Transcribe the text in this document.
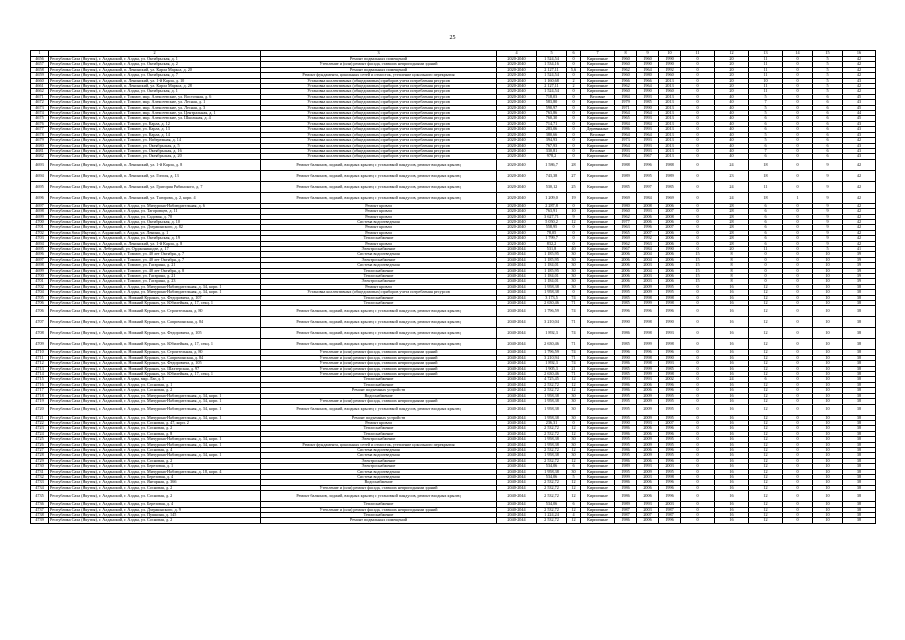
25
1	2	3	4	5	6	7	8	9	10	11	12	13	14	15	16
4656	Республика Саха (Якутия), г. Алданский, г. Алдан, ул. Октябрьская, д. 1	Ремонт подвальных помещений	2020-2040	1 524,54	0	Кирпичные	1960	1960	1990	0	20	11	0	5	42
4657	Республика Саха (Якутия), г. Алданский, г. Алдан, ул. Октябрьская, д. 2	Утепление и (или) ремонт фасада, ставших непригодными зданий	2020-2040	1 534,16	0	Кирпичные	1960	1990	1990	0	20	11	0	5	42
4658	Республика Саха (Якутия), г. Алданский, п. Ленинский, ул. Карла Маркса, д. 20	Ремонт подвальных помещений	2020-2040	2 127,11	5,6	Кирпичные	1962	1964	1992	0	20	11	0	5	42
4659	Республика Саха (Якутия), г. Алданский, г. Алдан, ул. Октябрьская, д. 7	Ремонт фундамента, цокольных сетей и отмосток, утепление цокольного перекрытия	2020-2040	1 524,54	0	Кирпичные	1960	1980	1960	0	20	11	0	5	42
4660	Республика Саха (Якутия), г. Алданский, п. Ленинский, ул. 1-й Карла, д. 10	Установка коллективных (общедомовых) приборов учета потребления ресурсов	2020-2040	1 160,68	2	Кирпичные	1966	1966	2013	0	20	10	0	5	43
4661	Республика Саха (Якутия), г. Алданский, п. Ленинский, ул. Карла Маркса, д. 28	Установка коллективных (общедомовых) приборов учета потребления ресурсов	2020-2040	2 127,11	2	Кирпичные	1962	1964	2013	0	20	11	0	5	42
4662	Республика Саха (Якутия), г. Алданский, г. Алдан, ул. Октябрьская, д. 1	Установка коллективных (общедомовых) приборов учета потребления ресурсов	2020-2040	1 524,54	0	Кирпичные	1960	1990	1960	0	20	11	0	5	42
4671	Республика Саха (Якутия), г. Алданский, г. Томмот, мкр. Алексеевские, ул. Восточная, д. 6	Установка коллективных (общедомовых) приборов учета потребления ресурсов	2020-2040	718,03	0	Весовые	1984	1993	2013	0	40	5	0	6	45
4672	Республика Саха (Якутия), г. Алданский, г. Томмот, мкр. Алексеевские, ул. Лесная, д. 1	Установка коллективных (общедомовых) приборов учета потребления ресурсов	2020-2040	583,80	0	Кирпичные	1979	1985	2013	0	40	7	0	6	43
4673	Республика Саха (Якутия), г. Алданский, г. Томмот, мкр. Алексеевские, ул. Лесная, д. 3	Установка коллективных (общедомовых) приборов учета потребления ресурсов	2020-2040	590,97	0	Кирпичные	1971	1990	2013	0	40	5	0	6	45
4674	Республика Саха (Якутия), г. Алданский, г. Томмот, мкр. Алексеевские, ул. Центральная, д. 1	Установка коллективных (общедомовых) приборов учета потребления ресурсов	2020-2040	763,86	0	Кирпичные	1964	1964	2013	0	40	5	0	6	44
4675	Республика Саха (Якутия), г. Алданский, г. Томмот, мкр. Алексеевские, ул. Школьная, д. 4	Установка коллективных (общедомовых) приборов учета потребления ресурсов	2020-2040	760,30	0	Кирпичные	1965	1993	2013	0	40	6	0	6	45
4676	Республика Саха (Якутия), г. Алданский, г. Томмот, ул. Карла, д. 12	Установка коллективных (общедомовых) приборов учета потребления ресурсов	2020-2040	714,71	0	Кирпичные	1984	1984	2013	0	40	6	0	6	43
4677	Республика Саха (Якутия), г. Алданский, г. Томмот, ул. Карла, д. 13	Установка коллективных (общедомовых) приборов учета потребления ресурсов	2020-2040	283,06	0	Деревянные	1986	1993	2013	0	40	6	0	6	43
4678	Республика Саха (Якутия), г. Алданский, г. Томмот, ул. Карла, д. 14	Установка коллективных (общедомовых) приборов учета потребления ресурсов	2020-2040	380,66	0	Весовые	1964	1964	2013	0	40	5	0	6	43
4679	Республика Саха (Якутия), г. Алданский, г. Томмот, ул. Набережная, д. 14	Установка коллективных (общедомовых) приборов учета потребления ресурсов	2020-2040	394,93	0	Кирпичные	1973	1993	2013	0	40	5	0	6	42
4680	Республика Саха (Якутия), г. Алданский, г. Томмот, ул. Октябрьская, д. 5	Установка коллективных (общедомовых) приборов учета потребления ресурсов	2020-2040	767,93	0	Кирпичные	1964	1993	2013	0	40	6	0	6	43
4681	Республика Саха (Якутия), г. Алданский, г. Томмот, ул. Октябрьская, д. 16	Установка коллективных (общедомовых) приборов учета потребления ресурсов	2020-2040	330,81	0	Весовые	1993	1993	2013	0	40	7	0	6	43
4682	Республика Саха (Якутия), г. Алданский, г. Томмот, ул. Октябрьская, д. 20	Установка коллективных (общедомовых) приборов учета потребления ресурсов	2020-2040	978,2	0	Кирпичные	1964	1967	2013	0	40	6	0	6	43
4693	Республика Саха (Якутия), г. Алданский, п. Ленинский, ул. 1-й Карла, д. 8	Ремонт балконов, лоджий, входных крылец с установкой пандусов, ремонт входных крылец	2020-2040	1 586,7	28	Кирпичные	1988	1996	1988	0	24	18	0	9	42
4694	Республика Саха (Якутия), г. Алданский, п. Ленинский, ул. Гоголя, д. 13	Ремонт балконов, лоджий, входных крылец с установкой пандусов, ремонт входных крылец	2020-2040	743,38	27	Кирпичные	1989	1995	1989	0	23	18	0	9	42
4695	Республика Саха (Якутия), г. Алданский, п. Ленинский, ул. Григория Рябинского, д. 7	Ремонт балконов, лоджий, входных крылец с установкой пандусов, ремонт входных крылец	2020-2040	530,12	25	Кирпичные	1985	1997	1985	0	24	11	0	9	42
4696	Республика Саха (Якутия), г. Алданский, п. Ленинский, ул. Тагирова, д. 2, корп. 4	Ремонт балконов, лоджий, входных крылец с установкой пандусов, ремонт входных крылец	2020-2040	1 209,0	19	Кирпичные	1969	1984	1969	0	24	18	1	9	42
4697	Республика Саха (Якутия), г. Алданский, г. Алдан, ул. Мичурина-Наблюдательная, д. 6	Ремонт кровли	2020-2040	2 287,8	0	Кирпичные	1980	2008	2006	0	28	6	0	9	42
4698	Республика Саха (Якутия), г. Алданский, г. Алдан, ул. Тагоровцев, д. 11	Ремонт кровли	2020-2040	763,91	10	Кирпичные	1960	1993	2007	0	28	6	0	9	42
4699	Республика Саха (Якутия), г. Алданский, г. Алдан, ул. Садовая, д. 70	Ремонт кровли	2020-2040	3 627,71	9	Кирпичные	1962	2006	2008	0	28	6	0	9	42
4700	Республика Саха (Якутия), г. Алданский, г. Алдан, ул. Октябрьская, д. 10	Система водоотведения	2020-2040	5 050,2	12	Кирпичные	1977	2006	2006	0	28	6	0	9	42
4701	Республика Саха (Якутия), г. Алданский, г. Алдан, ул. Дзержинского, д. 82	Ремонт кровли	2020-2040	558,95	0	Кирпичные	1963	1996	2007	0	28	6	0	9	42
4702	Республика Saха (Якутия), г. Алданский, г. Алдан, ул. Ленина, д. 1	Ремонт кровли	2020-2040	78,05	0	Кирпичные	1965	2007	2006	0	28	6	0	9	42
4703	Республика Саха (Якутия), г. Алданский, г. Алдан, ул. Октябрьская, д. 19	Теплоснабжение	2020-2040	1 799,7	0	Кирпичные	1969	1992	2006	0	28	6	0	9	42
4694	Республика Саха (Якутия), г. Алданский, п. Ленинский, ул. 1-й Карла, д. 8	Ремонт кровли	2020-2040	832,2	0	Кирпичные	1962	1963	2006	0	28	6	0	9	42
4695	Республика Саха (Якутия), п. Лебединый, ул. Орджоникидзе, д. 17	Электроснабжение	2040-2044	531,8	40	Кирпичные	1967	1984	1990	0	20	11	0	5	41
4696	Республика Саха (Якутия), г. Алданский, г. Томмот, ул. 40 лет Октября, д. 7	Система водоотведения	2040-2044	1 185,95	30	Кирпичные	2006	2004	2006	15	8	0	0	10	39
4697	Республика Саха (Якутия), г. Алданский, г. Томмот, ул. 40 лет Октября, д. 7	Электроснабжение	2040-2044	1 185,95	30	Кирпичные	2006	2004	2006	15	8	0	0	10	39
4698	Республика Саха (Якутия), г. Алданский, г. Томмот, ул. Гагарина, д. 21	Система водоотведения	2040-2044	1 184,01	30	Кирпичные	2006	2003	2006	15	8	0	0	10	39
4699	Республика Саха (Якутия), г. Алданский, г. Томмот, ул. 40 лет Октября, д. 8	Теплоснабжение	2040-2044	1 185,95	30	Кирпичные	2006	2004	2006	15	8	0	0	10	39
4700	Республика Саха (Якутия), г. Алданский, г. Томмот, ул. Гагарина, д. 21	Теплоснабжение	2040-2044	1 184,01	30	Кирпичные	2006	2003	2006	15	8	0	0	10	39
4701	Республика Саха (Якутия), г. Алданский, г. Томмот, ул. Гагарина, д. 23	Электроснабжение	2040-2044	1 184,01	30	Кирпичные	2006	2003	2006	15	8	0	0	10	39
4702	Республика Саха (Якутия), г. Алданский, г. Алдан, ул. Мичурина-Наблюдательная, д. 34, корп. 1	Ремонт кровли	2040-2044	1 958,38	30	Кирпичные	1995	2009	1995	0	16	12	0	10	38
4704	Республика Саха (Якутия), г. Алданский, г. Алдан, ул. Мичурина-Наблюдательная, д. 34, корп. 1	Установка коллективных (общедомовых) приборов учета потребления ресурсов	2040-2044	1 958,38	0	Кирпичные	1995	2009	1995	0	16	12	0	10	38
4705	Республика Саха (Якутия), г. Алданский, п. Нижний Куранах, ул. Федоровича, д. 107	Теплоснабжение	2040-2044	3 173,5	74	Кирпичные	1985	1998	1998	0	16	12	0	10	38
4706	Республика Саха (Якутия), г. Алданский, п. Нижний Куранах, ул. Юбилейная, д. 17, секц. 1	Теплоснабжение	2040-2044	2 630,46	71	Кирпичные	1985	1999	1998	0	16	12	0	10	38
4706	Республика Саха (Якутия), г. Алданский, п. Нижний Куранах, ул. Строительная, д. 80	Ремонт балконов, лоджий, входных крылец с установкой пандусов, ремонт входных крылец	2040-2044	1 796,59	74	Кирпичные	1996	1996	1996	0	16	12	0	10	38
4707	Республика Саха (Якутия), г. Алданский, п. Нижний Куранах, ул. Сапричинская, д. 84	Ремонт балконов, лоджий, входных крылец с установкой пандусов, ремонт входных крылец	2040-2044	3 210,04	71	Кирпичные	1990	1998	1990	0	16	12	0	10	38
4708	Республика Саха (Якутия), г. Алданский, п. Нижний Куранах, ул. Федоровича, д. 105	Ремонт балконов, лоджий, входных крылец с установкой пандусов, ремонт входных крылец	2040-2044	1 892,3	74	Кирпичные	1986	1998	1993	0	16	12	0	10	38
4709	Республика Саха (Якутия), г. Алданский, п. Нижний Куранах, ул. Юбилейная, д. 17, секц. 1	Ремонт балконов, лоджий, входных крылец с установкой пандусов, ремонт входных крылец	2040-2044	2 630,46	71	Кирпичные	1985	1999	1998	0	16	12	0	10	38
4710	Республика Саха (Якутия), г. Алданский, п. Нижний Куранах, ул. Строительная, д. 80	Утепление и (или) ремонт фасада, ставших непригодными зданий	2040-2044	1 796,59	74	Кирпичные	1996	1996	1996	0	16	12	0	10	38
4711	Республика Саха (Якутия), г. Алданский, п. Нижний Куранах, ул. Сапричинская, д. 84	Утепление и (или) ремонт фасада, ставших непригодными зданий	2040-2044	3 210,94	71	Кирпичные	1990	1998	1990	0	16	12	0	10	38
4712	Республика Саха (Якутия), г. Алданский, п. Нижний Куранах, ул. Федоровича, д. 105	Утепление и (или) ремонт фасада, ставших непригодными зданий	2040-2044	1 892,3	74	Кирпичные	1986	1998	1993	0	16	12	0	10	38
4713	Республика Саха (Якутия), г. Алданский, п. Нижний Куранах, ул. Шахтерская, д. 97	Утепление и (или) ремонт фасада, ставших непригодными зданий	2040-2044	1 905,3	21	Кирпичные	1985	1999	1985	0	16	12	0	10	38
4714	Республика Саха (Якутия), г. Алданский, п. Нижний Куранах, ул. Юбилейная, д. 17, секц. 1	Утепление и (или) ремонт фасада, ставших непригодными зданий	2040-2044	2 630,46	71	Кирпичные	1985	1999	1998	0	16	12	0	10	38
4715	Республика Саха (Якутия), г. Алданский, г. Алдан, мкр. Лаг, д. 5	Теплоснабжение	2040-2044	4 725,45	12	Кирпичные	1993	1993	2002	0	24	6	0	10	38
4716	Республика Саха (Якутия), г. Алданский, г. Алдан, ул. Сосновая, д. 1	Теплоснабжение	2040-2044	2 532,72	12	Кирпичные	1986	2006	1996	0	16	12	0	10	38
4717	Республика Саха (Якутия), г. Алданский, г. Алдан, ул. Сосновая, д. 2	Ремонт подъемных устройств	2040-2044	2 532,72	12	Кирпичные	1986	2006	1996	0	16	12	0	10	38
4718	Республика Саха (Якутия), г. Алданский, г. Алдан, ул. Мичурина-Наблюдательная, д. 34, корп. 1	Водоснабжение	2040-2044	1 958,38	30	Кирпичные	1995	2009	1995	0	16	12	0	10	38
4719	Республика Саха (Якутия), г. Алданский, г. Алдан, ул. Мичурина-Наблюдательная, д. 34, корп. 1	Утепление и (или) ремонт фасада, ставших непригодными зданий	2040-2044	1 958,38	30	Кирпичные	1995	2009	1995	0	16	12	0	10	38
4720	Республика Саха (Якутия), г. Алданский, г. Алдан, ул. Мичурина-Наблюдательная, д. 34, корп. 1	Ремонт балконов, лоджий, входных крылец с установкой пандусов, ремонт входных крылец	2040-2044	1 958,38	30	Кирпичные	1995	2009	1995	0	16	12	0	10	38
4721	Республика Саха (Якутия), г. Алданский, г. Алдан, ул. Мичурина-Наблюдательная, д. 34, корп. 1	Ремонт подъемных устройств	2040-2044	1 958,38	30	Кирпичные	1995	2009	1995	0	16	12	0	10	38
4722	Республика Саха (Якутия), г. Алданский, г. Алдан, ул. Сосновая, д. 47, корп. 2	Ремонт кровли	2040-2044	236,31	0	Кирпичные	1990	1993	2007	0	16	12	0	10	38
4723	Республика Саха (Якутия), г. Алданский, г. Алдан, ул. Сосновая, д. 2	Теплоснабжение	2040-2044	2 532,72	12	Кирпичные	1986	2006	1996	0	16	12	0	10	38
4724	Республика Саха (Якутия), г. Алданский, г. Алдан, ул. Сосновая, д. 8	Теплоснабжение	2040-2044	2 532,72	12	Кирпичные	1986	2006	1996	0	16	12	0	10	38
4725	Республика Саха (Якутия), г. Алданский, г. Алдан, ул. Мичурина-Наблюдательная, д. 34, корп. 1	Электроснабжение	2040-2044	1 958,38	30	Кирпичные	1995	2009	1995	0	16	12	0	10	38
4726	Республика Саха (Якутия), г. Алданский, г. Алдан, ул. Мичурина-Наблюдательная, д. 34, корп. 1	Ремонт фундамента, цокольных сетей и отмосток, утепление цокольного перекрытия	2040-2044	1 958,38	30	Кирпичные	1995	2009	1995	0	16	12	0	10	38
4727	Республика Саха (Якутия), г. Алданский, г. Алдан, ул. Сосновая, д. 4	Система водоотведения	2040-2044	2 532,72	12	Кирпичные	1986	2006	1996	0	16	12	0	10	38
4728	Республика Саха (Якутия), г. Алданский, г. Алдан, ул. Мичурина-Наблюдательная, д. 34, корп. 1	Система водоотведения	2040-2044	1 958,38	30	Кирпичные	1995	2009	1995	0	16	12	0	10	38
4729	Республика Саха (Якутия), г. Алданский, г. Алдан, ул. Сосновая, д. 2	Электроснабжение	2040-2044	2 532,72	12	Кирпичные	1986	2006	1996	0	16	12	0	10	38
4730	Республика Саха (Якутия), г. Алданский, г. Алдан, ул. Березовая, д. 1	Электроснабжение	2040-2044	534,06	6	Кирпичные	1989	1993	2003	0	16	12	0	10	38
4731	Республика Саха (Якутия), г. Алданский, г. Алдан, ул. Мичурина-Наблюдательная, д. 18, корп. 4	Система водоотведения	2040-2044	1 958,38	30	Кирпичные	1995	2009	1995	0	16	12	0	10	38
4732	Республика Саха (Якутия), г. Алданский, г. Алдан, ул. Березовая, д. 4	Система водоотведения	2040-2044	534,06	5	Кирпичные	1999	2003	1998	0	16	12	0	10	38
4733	Республика Саха (Якутия), г. Алданский, г. Алдан, ул. Янтарная, д. 366	Водоснабжение	2040-2044	2 532,72	12	Кирпичные	1986	2006	1996	0	16	12	0	10	38
4734	Республика Саха (Якутия), г. Алданский, г. Алдан, ул. Сосновая, д. 2	Утепление и (или) ремонт фасада, ставших непригодными зданий	2040-2044	2 532,72	12	Кирпичные	1986	2006	1996	0	16	12	0	10	38
4735	Республика Саха (Якутия), г. Алданский, г. Алдан, ул. Сосновая, д. 2	Ремонт балконов, лоджий, входных крылец с установкой пандусов, ремонт входных крылец	2040-2044	2 532,72	12	Кирпичные	1986	2006	1996	0	16	12	0	10	38
4736	Республика Саха (Якутия), г. Алданский, г. Алдан, ул. Березовая, д. 4	Теплоснабжение	2040-2044	534,06	6	Кирпичные	1989	1993	2003	0	16	12	0	10	38
4737	Республика Саха (Якутия), г. Алданский, г. Алдан, ул. Дзержинского, д. 9	Утепление и (или) ремонт фасада, ставших непригодными зданий	2040-2044	2 532,72	12	Кирпичные	1987	2003	1987	0	16	12	0	10	38
4738	Республика Саха (Якутия), г. Алданский, г. Алдан, ул. Пушкина, д. 145	Теплоснабжение	2040-2044	1 224,24	4	Кирпичные	1987	2007	1987	0	16	12	0	10	38
4739	Республика Саха (Якутия), г. Алданский, г. Алдан, ул. Сосновая, д. 2	Ремонт подвальных помещений	2040-2044	2 532,72	12	Кирпичные	1986	2006	1996	0	16	12	0	10	38
